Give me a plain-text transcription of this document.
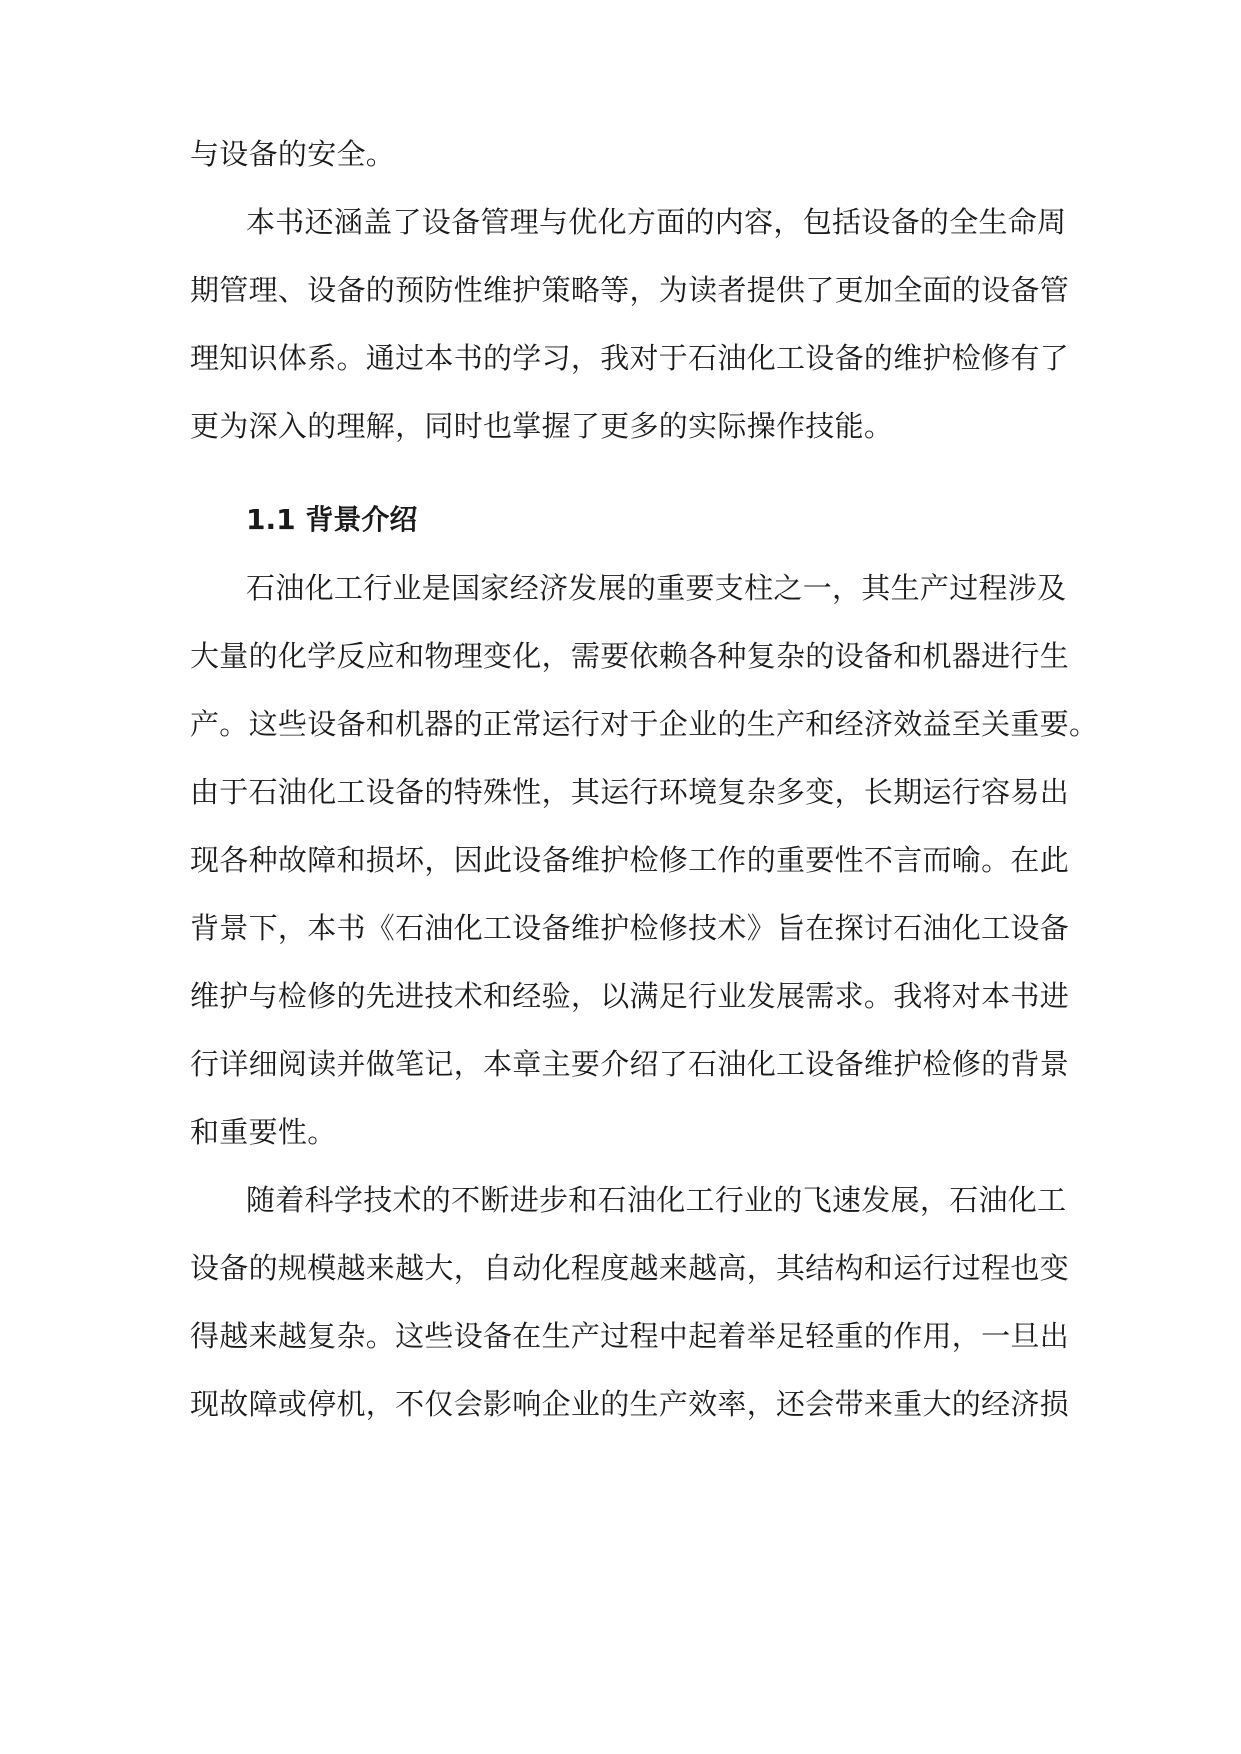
与设备的安全。
本书还涵盖了设备管理与优化方面的内容，包括设备的全生命周
期管理、设备的预防性维护策略等，为读者提供了更加全面的设备管
理知识体系。通过本书的学习，我对于石油化工设备的维护检修有了
更为深入的理解，同时也掌握了更多的实际操作技能。
1.1 背景介绍
石油化工行业是国家经济发展的重要支柱之一，其生产过程涉及
大量的化学反应和物理变化，需要依赖各种复杂的设备和机器进行生
产。这些设备和机器的正常运行对于企业的生产和经济效益至关重要。
由于石油化工设备的特殊性，其运行环境复杂多变，长期运行容易出
现各种故障和损坏，因此设备维护检修工作的重要性不言而喻。在此
背景下，本书《石油化工设备维护检修技术》旨在探讨石油化工设备
维护与检修的先进技术和经验，以满足行业发展需求。我将对本书进
行详细阅读并做笔记，本章主要介绍了石油化工设备维护检修的背景
和重要性。
随着科学技术的不断进步和石油化工行业的飞速发展，石油化工
设备的规模越来越大，自动化程度越来越高，其结构和运行过程也变
得越来越复杂。这些设备在生产过程中起着举足轻重的作用，一旦出
现故障或停机，不仅会影响企业的生产效率，还会带来重大的经济损
